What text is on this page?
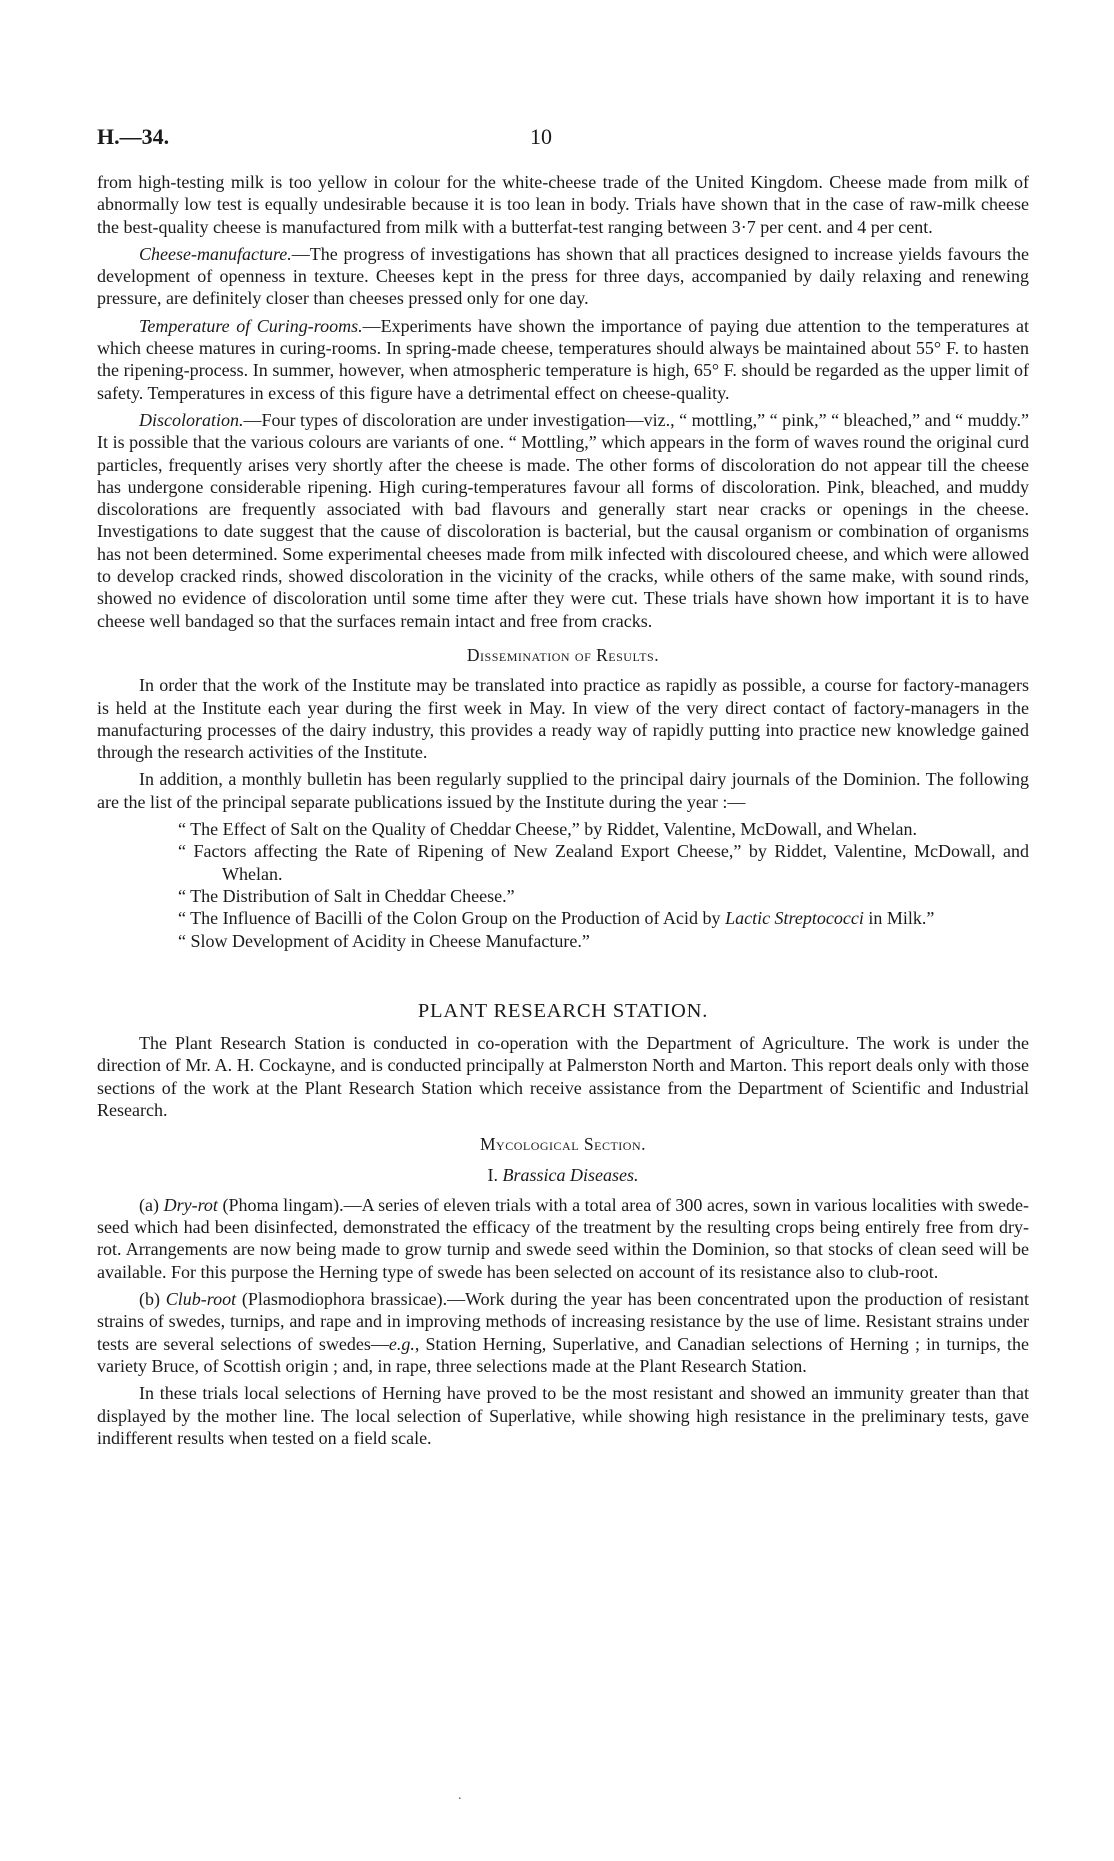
H.—34.	10

from high-testing milk is too yellow in colour for the white-cheese trade of the United Kingdom. Cheese made from milk of abnormally low test is equally undesirable because it is too lean in body. Trials have shown that in the case of raw-milk cheese the best-quality cheese is manufactured from milk with a butterfat-test ranging between 3·7 per cent. and 4 per cent.

Cheese-manufacture.—The progress of investigations has shown that all practices designed to increase yields favours the development of openness in texture. Cheeses kept in the press for three days, accompanied by daily relaxing and renewing pressure, are definitely closer than cheeses pressed only for one day.

Temperature of Curing-rooms.—Experiments have shown the importance of paying due attention to the temperatures at which cheese matures in curing-rooms. In spring-made cheese, temperatures should always be maintained about 55° F. to hasten the ripening-process. In summer, however, when atmospheric temperature is high, 65° F. should be regarded as the upper limit of safety. Temperatures in excess of this figure have a detrimental effect on cheese-quality.

Discoloration.—Four types of discoloration are under investigation—viz., “ mottling,” “ pink,” “ bleached,” and “ muddy.” It is possible that the various colours are variants of one. “ Mottling,” which appears in the form of waves round the original curd particles, frequently arises very shortly after the cheese is made. The other forms of discoloration do not appear till the cheese has undergone considerable ripening. High curing-temperatures favour all forms of discoloration. Pink, bleached, and muddy discolorations are frequently associated with bad flavours and generally start near cracks or openings in the cheese. Investigations to date suggest that the cause of discoloration is bacterial, but the causal organism or combination of organisms has not been determined. Some experimental cheeses made from milk infected with discoloured cheese, and which were allowed to develop cracked rinds, showed discoloration in the vicinity of the cracks, while others of the same make, with sound rinds, showed no evidence of discoloration until some time after they were cut. These trials have shown how important it is to have cheese well bandaged so that the surfaces remain intact and free from cracks.

Dissemination of Results.

In order that the work of the Institute may be translated into practice as rapidly as possible, a course for factory-managers is held at the Institute each year during the first week in May. In view of the very direct contact of factory-managers in the manufacturing processes of the dairy industry, this provides a ready way of rapidly putting into practice new knowledge gained through the research activities of the Institute.

In addition, a monthly bulletin has been regularly supplied to the principal dairy journals of the Dominion. The following are the list of the principal separate publications issued by the Institute during the year :—

“ The Effect of Salt on the Quality of Cheddar Cheese,” by Riddet, Valentine, McDowall, and Whelan.
“ Factors affecting the Rate of Ripening of New Zealand Export Cheese,” by Riddet, Valentine, McDowall, and Whelan.
“ The Distribution of Salt in Cheddar Cheese.”
“ The Influence of Bacilli of the Colon Group on the Production of Acid by Lactic Streptococci in Milk.”
“ Slow Development of Acidity in Cheese Manufacture.”
PLANT RESEARCH STATION.

The Plant Research Station is conducted in co-operation with the Department of Agriculture. The work is under the direction of Mr. A. H. Cockayne, and is conducted principally at Palmerston North and Marton. This report deals only with those sections of the work at the Plant Research Station which receive assistance from the Department of Scientific and Industrial Research.

Mycological Section.
I. Brassica Diseases.

(a) Dry-rot (Phoma lingam).—A series of eleven trials with a total area of 300 acres, sown in various localities with swede-seed which had been disinfected, demonstrated the efficacy of the treatment by the resulting crops being entirely free from dry-rot. Arrangements are now being made to grow turnip and swede seed within the Dominion, so that stocks of clean seed will be available. For this purpose the Herning type of swede has been selected on account of its resistance also to club-root.

(b) Club-root (Plasmodiophora brassicae).—Work during the year has been concentrated upon the production of resistant strains of swedes, turnips, and rape and in improving methods of increasing resistance by the use of lime. Resistant strains under tests are several selections of swedes—e.g., Station Herning, Superlative, and Canadian selections of Herning ; in turnips, the variety Bruce, of Scottish origin ; and, in rape, three selections made at the Plant Research Station.

In these trials local selections of Herning have proved to be the most resistant and showed an immunity greater than that displayed by the mother line. The local selection of Superlative, while showing high resistance in the preliminary tests, gave indifferent results when tested on a field scale.

.
